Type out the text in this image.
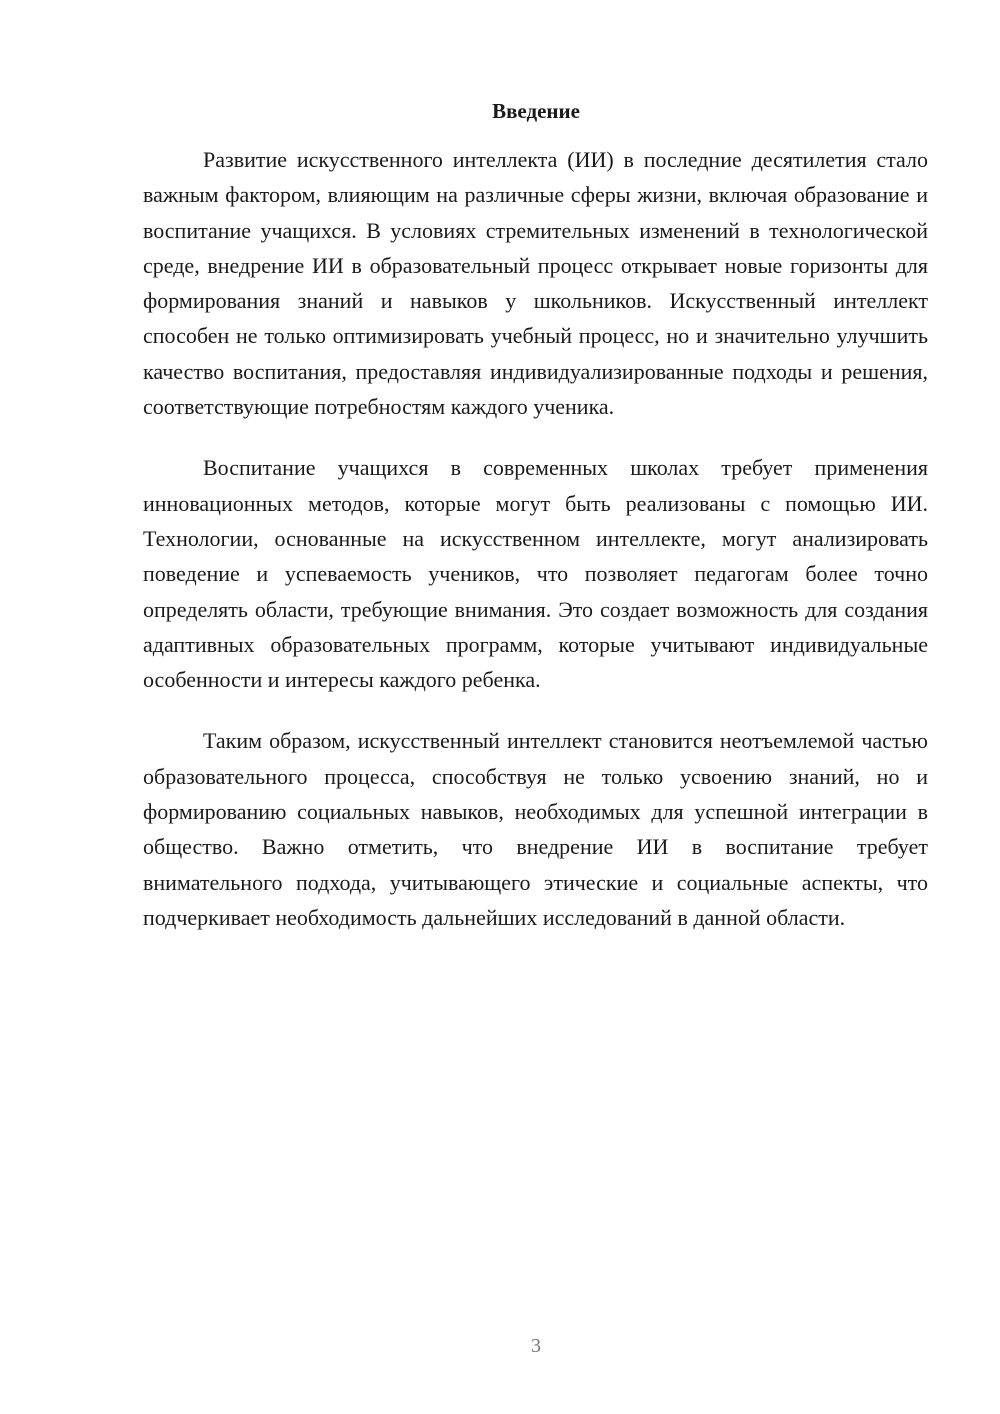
Введение

Развитие искусственного интеллекта (ИИ) в последние десятилетия стало важным фактором, влияющим на различные сферы жизни, включая образование и воспитание учащихся. В условиях стремительных изменений в технологической среде, внедрение ИИ в образовательный процесс открывает новые горизонты для формирования знаний и навыков у школьников. Искусственный интеллект способен не только оптимизировать учебный процесс, но и значительно улучшить качество воспитания, предоставляя индивидуализированные подходы и решения, соответствующие потребностям каждого ученика.

Воспитание учащихся в современных школах требует применения инновационных методов, которые могут быть реализованы с помощью ИИ. Технологии, основанные на искусственном интеллекте, могут анализировать поведение и успеваемость учеников, что позволяет педагогам более точно определять области, требующие внимания. Это создает возможность для создания адаптивных образовательных программ, которые учитывают индивидуальные особенности и интересы каждого ребенка.

Таким образом, искусственный интеллект становится неотъемлемой частью образовательного процесса, способствуя не только усвоению знаний, но и формированию социальных навыков, необходимых для успешной интеграции в общество. Важно отметить, что внедрение ИИ в воспитание требует внимательного подхода, учитывающего этические и социальные аспекты, что подчеркивает необходимость дальнейших исследований в данной области.

3
